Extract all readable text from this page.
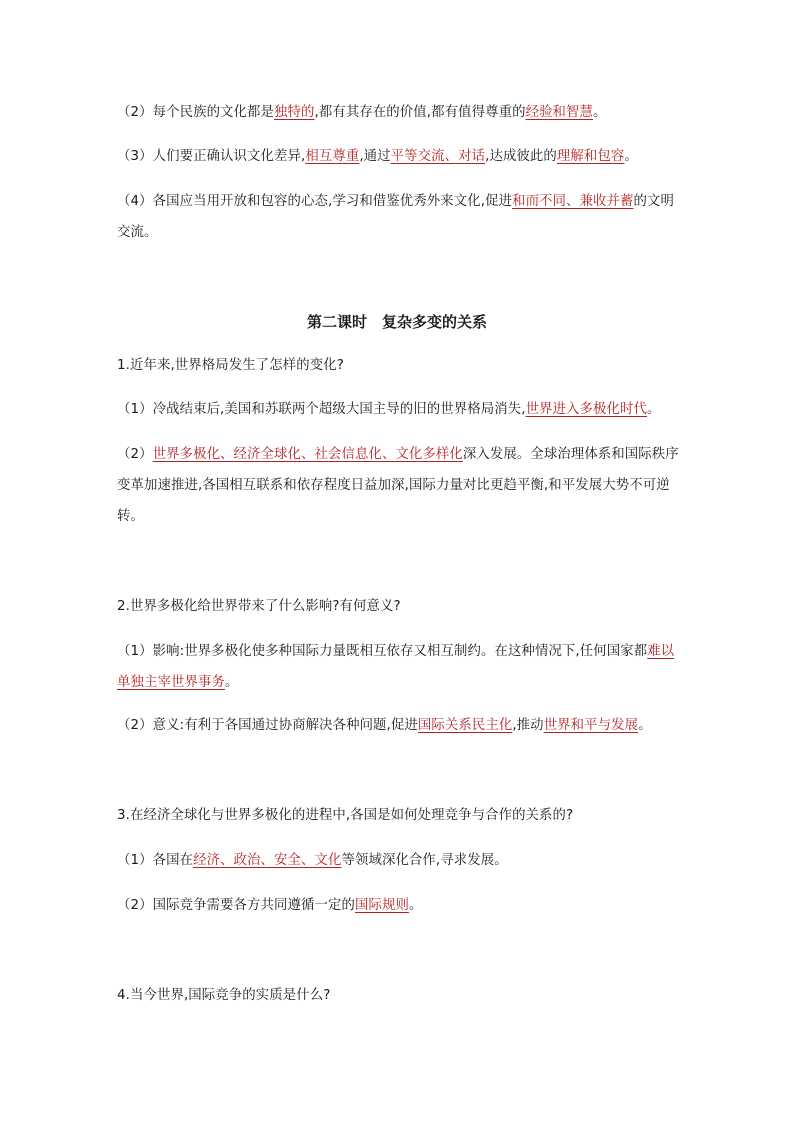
（2）每个民族的文化都是独特的,都有其存在的价值,都有值得尊重的经验和智慧。

（3）人们要正确认识文化差异,相互尊重,通过平等交流、对话,达成彼此的理解和包容。

（4）各国应当用开放和包容的心态,学习和借鉴优秀外来文化,促进和而不同、兼收并蓄的文明交流。

第二课时　复杂多变的关系

1.近年来,世界格局发生了怎样的变化?

（1）冷战结束后,美国和苏联两个超级大国主导的旧的世界格局消失,世界进入多极化时代。

（2）世界多极化、经济全球化、社会信息化、文化多样化深入发展。全球治理体系和国际秩序变革加速推进,各国相互联系和依存程度日益加深,国际力量对比更趋平衡,和平发展大势不可逆转。

2.世界多极化给世界带来了什么影响?有何意义?

（1）影响:世界多极化使多种国际力量既相互依存又相互制约。在这种情况下,任何国家都难以单独主宰世界事务。

（2）意义:有利于各国通过协商解决各种问题,促进国际关系民主化,推动世界和平与发展。

3.在经济全球化与世界多极化的进程中,各国是如何处理竞争与合作的关系的?

（1）各国在经济、政治、安全、文化等领域深化合作,寻求发展。

（2）国际竞争需要各方共同遵循一定的国际规则。

4.当今世界,国际竞争的实质是什么?
